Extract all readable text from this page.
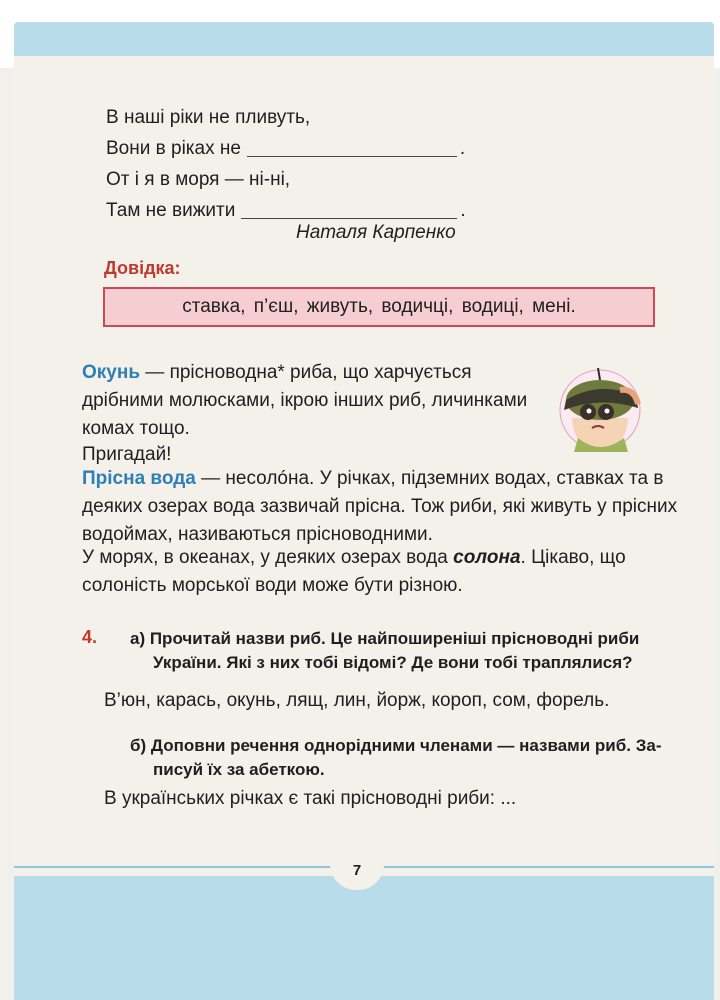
В наші ріки не пливуть,
Вони в ріках не	.
От і я в моря — ні-ні,
Там не вижити	.
Наталя Карпенко
Довідка:
ставка, п’єш, живуть, водичці, водиці, мені.
Окунь — прісноводна* риба, що харчується дрібними молюсками, ікрою інших риб, личинками комах тощо.
Пригадай!
Прісна вода — несолóна. У річках, підземних водах, ставках та в деяких озерах вода зазвичай прісна. Тож риби, які живуть у прісних водоймах, називаються прісноводними.
У морях, в океанах, у деяких озерах вода солона. Цікаво, що солоність морської води може бути різною.
4. а) Прочитай назви риб. Це найпоширеніші прісноводні риби
України. Які з них тобі відомі? Де вони тобі траплялися?
В’юн, карась, окунь, лящ, лин, йорж, короп, сом, форель.
б) Доповни речення однорідними членами — назвами риб. За-
писуй їх за абеткою.
В українських річках є такі прісноводні риби: ...
7
